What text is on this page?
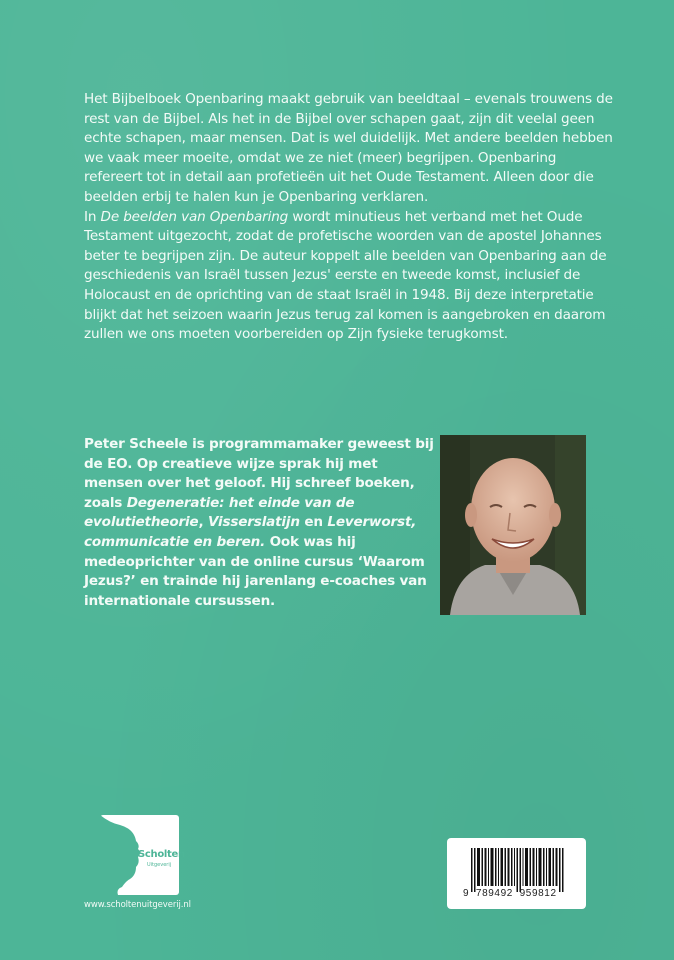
Het Bijbelboek Openbaring maakt gebruik van beeldtaal – evenals trouwens de rest van de Bijbel. Als het in de Bijbel over schapen gaat, zijn dit veelal geen echte schapen, maar mensen. Dat is wel duidelijk. Met andere beelden hebben we vaak meer moeite, omdat we ze niet (meer) begrijpen. Openbaring refereert tot in detail aan profetieën uit het Oude Testament. Alleen door die beelden erbij te halen kun je Openbaring verklaren.

In De beelden van Openbaring wordt minutieus het verband met het Oude Testament uitgezocht, zodat de profetische woorden van de apostel Johannes beter te begrijpen zijn. De auteur koppelt alle beelden van Openbaring aan de geschiedenis van Israël tussen Jezus' eerste en tweede komst, inclusief de Holocaust en de oprichting van de staat Israël in 1948. Bij deze interpretatie blijkt dat het seizoen waarin Jezus terug zal komen is aangebroken en daarom zullen we ons moeten voorbereiden op Zijn fysieke terugkomst.

Peter Scheele is programmamaker geweest bij de EO. Op creatieve wijze sprak hij met mensen over het geloof. Hij schreef boeken, zoals Degeneratie: het einde van de evolutietheorie, Visserslatijn en Leverworst, communicatie en beren. Ook was hij medeoprichter van de online cursus ‘Waarom Jezus?’ en trainde hij jarenlang e-coaches van internationale cursussen.
Scholten
Uitgeverij
www.scholtenuitgeverij.nl
9  789492  959812
